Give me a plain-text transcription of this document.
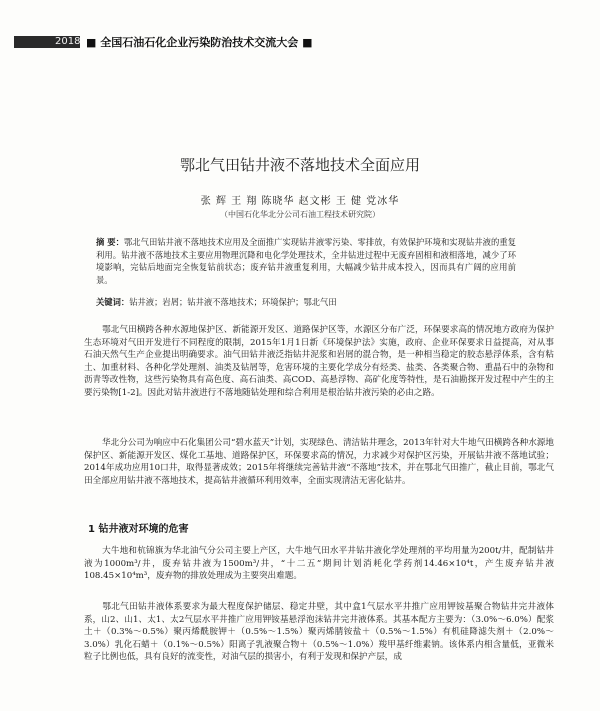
2018 ■ 全国石油石化企业污染防治技术交流大会 ■
鄂北气田钻井液不落地技术全面应用
张 辉 王 翔 陈晓华 赵文彬 王 健 党冰华
（中国石化华北分公司石油工程技术研究院）
摘 要：鄂北气田钻井液不落地技术应用及全面推广实现钻井液零污染、零排放，有效保护环境和实现钻井液的重复利用。钻井液不落地技术主要应用物理沉降和电化学处理技术，全井钻进过程中无废弃固相和液相落地，减少了环境影响，完钻后地面完全恢复钻前状态；废弃钻井液重复利用，大幅减少钻井成本投入，因而具有广阔的应用前景。
关键词：钻井液；岩屑；钻井液不落地技术；环境保护；鄂北气田
鄂北气田横跨各种水源地保护区、新能源开发区、道路保护区等，水源区分布广泛，环保要求高的情况地方政府为保护生态环境对气田开发进行不同程度的限制，2015年1月1日新《环境保护法》实施，政府、企业环保要求日益提高，对从事石油天然气生产企业提出明确要求。油气田钻井液泛指钻井泥浆和岩屑的混合物，是一种相当稳定的胶态悬浮体系，含有粘土、加重材料、各种化学处理剂、油类及钻屑等，危害环境的主要化学成分有烃类、盐类、各类聚合物、重晶石中的杂物和沥青等改性物，这些污染物具有高色度、高石油类、高COD、高悬浮物、高矿化度等特性，是石油勘探开发过程中产生的主要污染物[1-2]。因此对钻井液进行不落地随钻处理和综合利用是根治钻井液污染的必由之路。
华北分公司为响应中石化集团公司“碧水蓝天”计划，实现绿色、清洁钻井理念，2013年针对大牛地气田横跨各种水源地保护区、新能源开发区、煤化工基地、道路保护区，环保要求高的情况，力求减少对保护区污染，开展钻井液不落地试验；2014年成功应用10口井，取得显著成效；2015年将继续完善钻井液“不落地”技术，并在鄂北气田推广，截止目前，鄂北气田全部应用钻井液不落地技术，提高钻井液循环利用效率，全面实现清洁无害化钻井。
1 钻井液对环境的危害
大牛地和杭锦旗为华北油气分公司主要上产区，大牛地气田水平井钻井液化学处理剂的平均用量为200t/井，配制钻井液为1000m³/井，废弃钻井液为1500m³/井，“十二五”期间计划消耗化学药剂14.46×10⁴t，产生废弃钻井液108.45×10⁴m³，废弃物的排放处理成为主要突出难题。
鄂北气田钻井液体系要求为最大程度保护储层、稳定井壁，其中盒1气层水平井推广应用钾铵基聚合物钻井完井液体系，山2、山1、太1、太2气层水平井推广应用钾铵基悬浮泡沫钻井完井液体系。其基本配方主要为：（3.0%～6.0%）配浆土＋（0.3%～0.5%）聚丙烯酰胺钾＋（0.5%～1.5%）聚丙烯腈铵盐＋（0.5%～1.5%）有机硅降滤失剂＋（2.0%～3.0%）乳化石蜡＋（0.1%～0.5%）阳离子乳液聚合物＋（0.5%～1.0%）羧甲基纤维素钠。该体系内相含量低，亚微米粒子比例也低，具有良好的流变性，对油气层的损害小，有利于发现和保护产层，成
